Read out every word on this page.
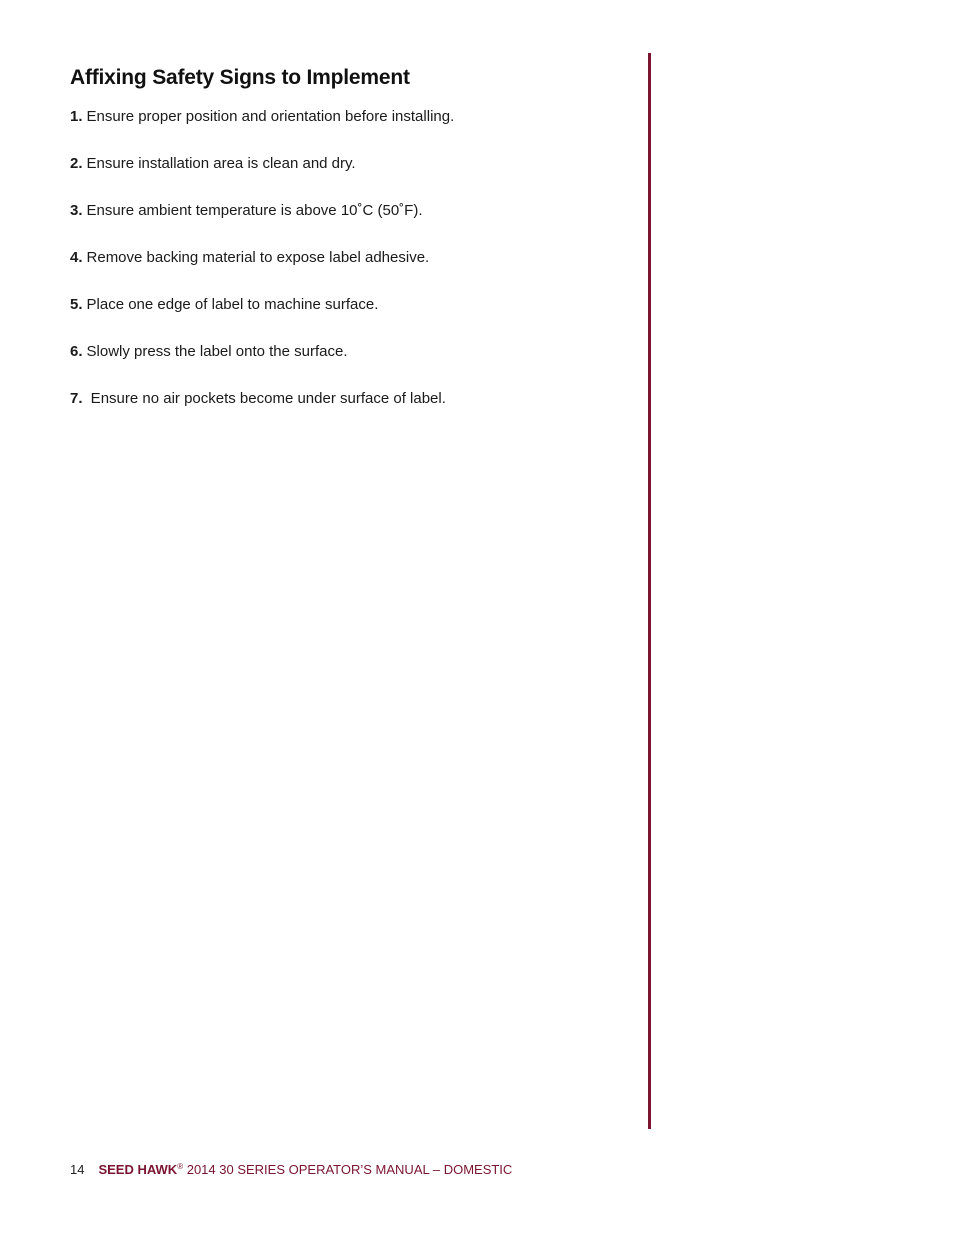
Affixing Safety Signs to Implement
1. Ensure proper position and orientation before installing.
2. Ensure installation area is clean and dry.
3. Ensure ambient temperature is above 10˚C (50˚F).
4. Remove backing material to expose label adhesive.
5. Place one edge of label to machine surface.
6. Slowly press the label onto the surface.
7. Ensure no air pockets become under surface of label.
14 SEED HAWK® 2014 30 SERIES OPERATOR’S MANUAL – DOMESTIC
